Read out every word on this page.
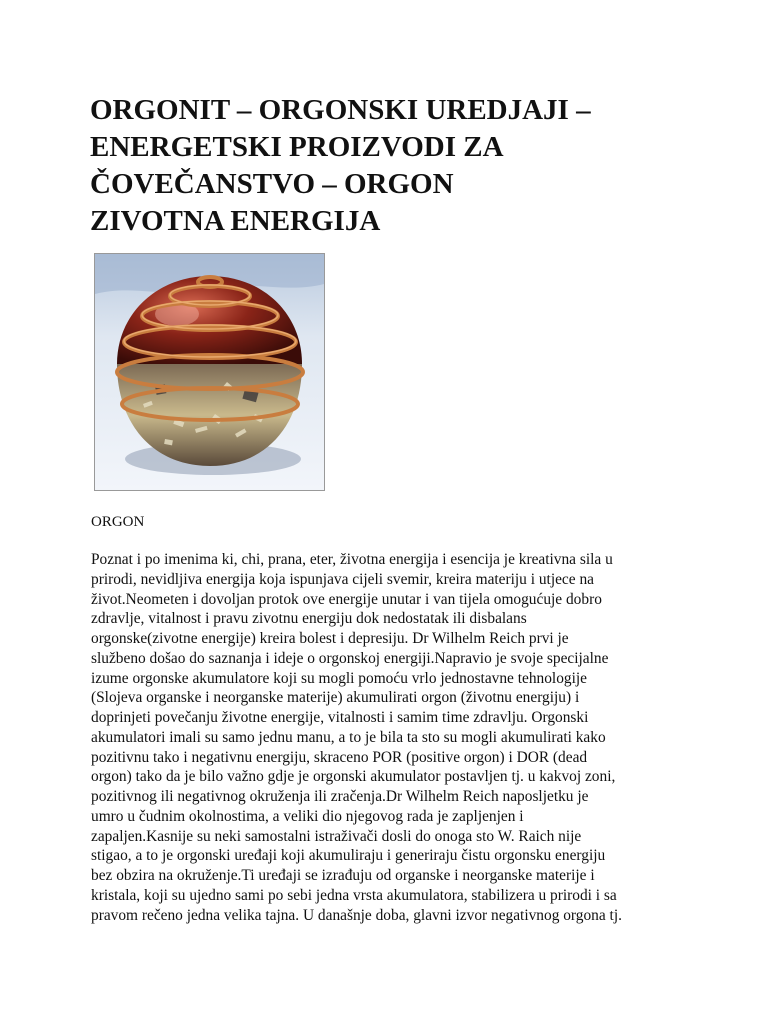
ORGONIT – ORGONSKI UREDJAJI –
ENERGETSKI PROIZVODI ZA
ČOVEČANSTVO – ORGON
ZIVOTNA ENERGIJA

ORGON

Poznat i po imenima ki, chi, prana, eter, životna energija i esencija je kreativna sila u
prirodi, nevidljiva energija koja ispunjava cijeli svemir, kreira materiju i utjece na
život.Neometen i dovoljan protok ove energije unutar i van tijela omogućuje dobro
zdravlje, vitalnost i pravu zivotnu energiju dok nedostatak ili disbalans
orgonske(zivotne energije) kreira bolest i depresiju. Dr Wilhelm Reich prvi je
službeno došao do saznanja i ideje o orgonskoj energiji.Napravio je svoje specijalne
izume orgonske akumulatore koji su mogli pomoću vrlo jednostavne tehnologije
(Slojeva organske i neorganske materije) akumulirati orgon (životnu energiju) i
doprinjeti povečanju životne energije, vitalnosti i samim time zdravlju. Orgonski
akumulatori imali su samo jednu manu, a to je bila ta sto su mogli akumulirati kako
pozitivnu tako i negativnu energiju, skraceno POR (positive orgon) i DOR (dead
orgon) tako da je bilo važno gdje je orgonski akumulator postavljen tj. u kakvoj zoni,
pozitivnog ili negativnog okruženja ili zračenja.Dr Wilhelm Reich naposljetku je
umro u čudnim okolnostima, a veliki dio njegovog rada je zapljenjen i
zapaljen.Kasnije su neki samostalni istraživači dosli do onoga sto W. Raich nije
stigao, a to je orgonski uređaji koji akumuliraju i generiraju čistu orgonsku energiju
bez obzira na okruženje.Ti uređaji se izrađuju od organske i neorganske materije i
kristala, koji su ujedno sami po sebi jedna vrsta akumulatora, stabilizera u prirodi i sa
pravom rečeno jedna velika tajna. U današnje doba, glavni izvor negativnog orgona tj.
